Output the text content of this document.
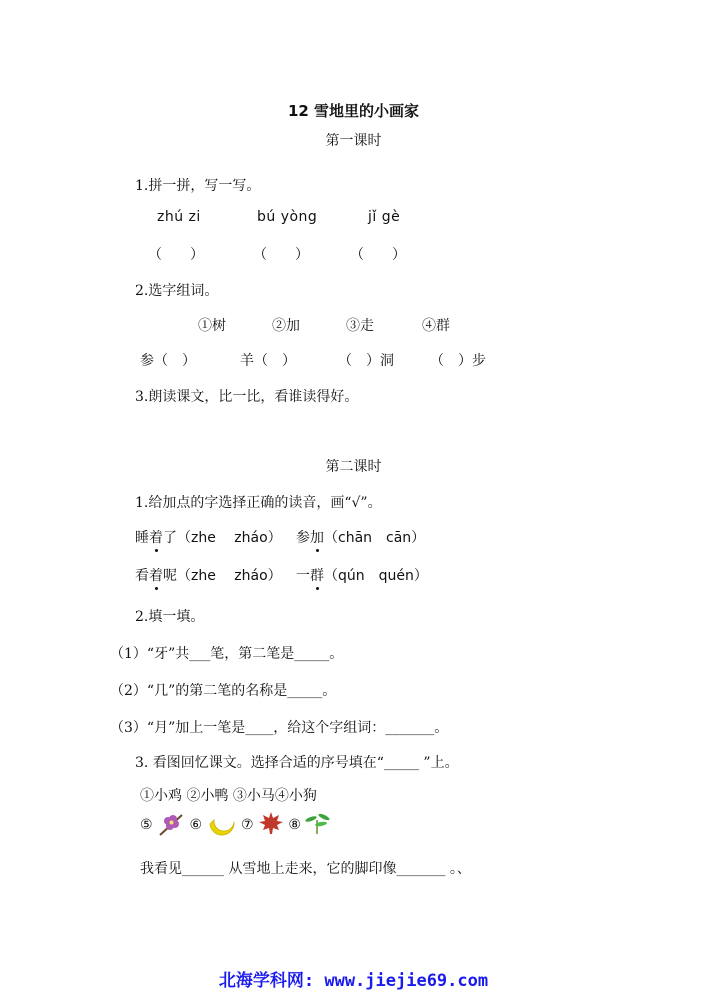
12 雪地里的小画家
第一课时
1.拼一拼，写一写。
zhú zi	bú yòng	jǐ gè
（　　）	（　　）	（　　）
2.选字组词。
①树	②加	③走	④群
参（　）	羊（　）	（　）洞	（　）步
3.朗读课文，比一比，看谁读得好。
第二课时
1.给加点的字选择正确的读音，画“√”。
睡着了（zhe　 zháo） 参加（chān　cān）
看着呢（zhe　 zháo） 一群（qún　quén）
2.填一填。
（1）“牙”共___笔，第二笔是_____。
（2）“几”的第二笔的名称是_____。
（3）“月”加上一笔是____，给这个字组词：_______。
3. 看图回忆课文。选择合适的序号填在“_____ ”上。
①小鸡 ②小鸭 ③小马④小狗
⑤	⑥	⑦ ⑧
我看见______ 从雪地上走来，它的脚印像_______ 。、
北海学科网: www.jiejie69.com
